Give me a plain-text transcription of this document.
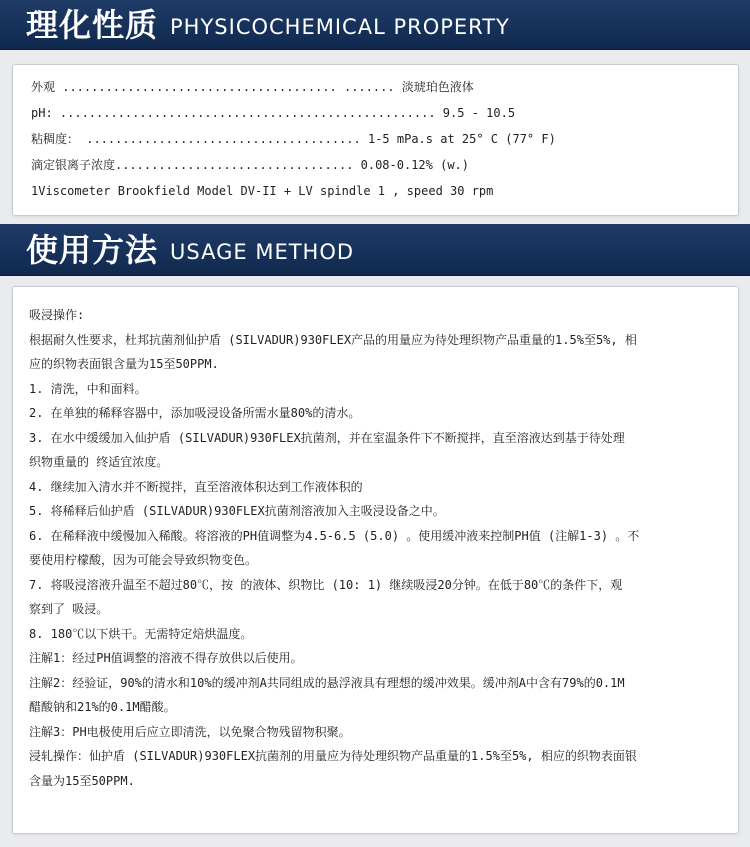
理化性质 PHYSICOCHEMICAL PROPERTY
外观 ...................................... ....... 淡琥珀色液体
pH: .................................................... 9.5 - 10.5
粘稠度： ...................................... 1-5 mPa.s at 25° C (77° F)
滴定银离子浓度................................. 0.08-0.12% (w.)
1Viscometer Brookfield Model DV-II + LV spindle 1 , speed 30 rpm
使用方法 USAGE METHOD

吸浸操作:

根据耐久性要求，杜邦抗菌剂仙护盾 (SILVADUR)930FLEX产品的用量应为待处理织物产品重量的1.5%至5%, 相

应的织物表面银含量为15至50PPM.

1. 清洗，中和面料。

2. 在单独的稀释容器中，添加吸浸设备所需水量80%的清水。

3. 在水中缓缓加入仙护盾 (SILVADUR)930FLEX抗菌剂，并在室温条件下不断搅拌，直至溶液达到基于待处理

织物重量的 终适宜浓度。

4. 继续加入清水并不断搅拌，直至溶液体积达到工作液体积的

5. 将稀释后仙护盾 (SILVADUR)930FLEX抗菌剂溶液加入主吸浸设备之中。

6. 在稀释液中缓慢加入稀酸。将溶液的PH值调整为4.5-6.5 (5.0) 。使用缓冲液来控制PH值 (注解1-3) 。不

要使用柠檬酸，因为可能会导致织物变色。

7. 将吸浸溶液升温至不超过80℃，按 的液体、织物比 (10: 1) 继续吸浸20分钟。在低于80℃的条件下，观

察到了 吸浸。

8. 180℃以下烘干。无需特定焙烘温度。

注解1：经过PH值调整的溶液不得存放供以后使用。

注解2：经验证，90%的清水和10%的缓冲剂A共同组成的悬浮液具有理想的缓冲效果。缓冲剂A中含有79%的0.1M

醋酸钠和21%的0.1M醋酸。

注解3：PH电极使用后应立即清洗，以免聚合物残留物积聚。

浸轧操作：仙护盾 (SILVADUR)930FLEX抗菌剂的用量应为待处理织物产品重量的1.5%至5%, 相应的织物表面银

含量为15至50PPM.
